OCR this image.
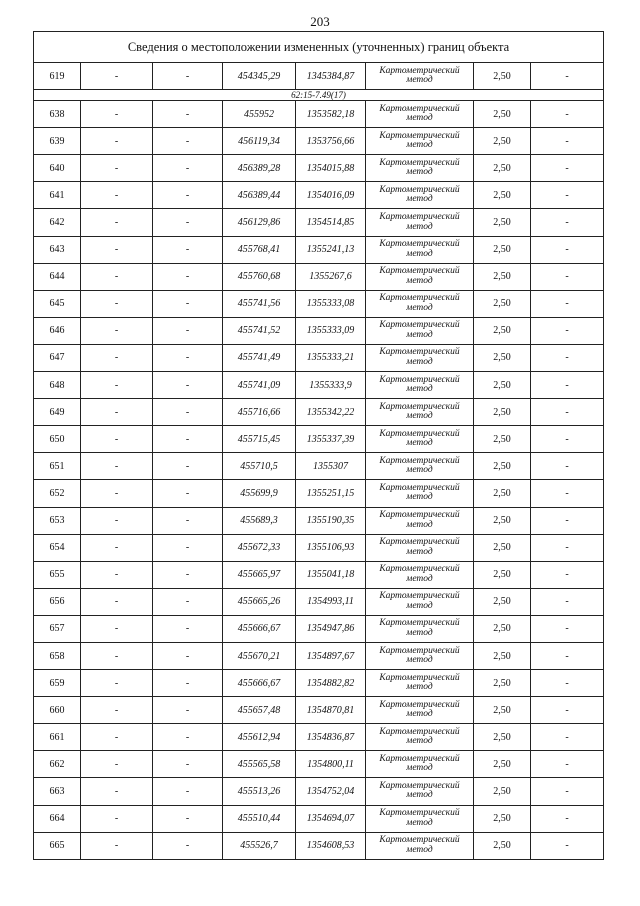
203
Сведения о местоположении измененных (уточненных) границ объекта							
619	-	-	454345,29	1345384,87	Картометрический
метод	2,50	-
62:15-7.49(17)							
638	-	-	455952	1353582,18	Картометрический
метод	2,50	-
639	-	-	456119,34	1353756,66	Картометрический
метод	2,50	-
640	-	-	456389,28	1354015,88	Картометрический
метод	2,50	-
641	-	-	456389,44	1354016,09	Картометрический
метод	2,50	-
642	-	-	456129,86	1354514,85	Картометрический
метод	2,50	-
643	-	-	455768,41	1355241,13	Картометрический
метод	2,50	-
644	-	-	455760,68	1355267,6	Картометрический
метод	2,50	-
645	-	-	455741,56	1355333,08	Картометрический
метод	2,50	-
646	-	-	455741,52	1355333,09	Картометрический
метод	2,50	-
647	-	-	455741,49	1355333,21	Картометрический
метод	2,50	-
648	-	-	455741,09	1355333,9	Картометрический
метод	2,50	-
649	-	-	455716,66	1355342,22	Картометрический
метод	2,50	-
650	-	-	455715,45	1355337,39	Картометрический
метод	2,50	-
651	-	-	455710,5	1355307	Картометрический
метод	2,50	-
652	-	-	455699,9	1355251,15	Картометрический
метод	2,50	-
653	-	-	455689,3	1355190,35	Картометрический
метод	2,50	-
654	-	-	455672,33	1355106,93	Картометрический
метод	2,50	-
655	-	-	455665,97	1355041,18	Картометрический
метод	2,50	-
656	-	-	455665,26	1354993,11	Картометрический
метод	2,50	-
657	-	-	455666,67	1354947,86	Картометрический
метод	2,50	-
658	-	-	455670,21	1354897,67	Картометрический
метод	2,50	-
659	-	-	455666,67	1354882,82	Картометрический
метод	2,50	-
660	-	-	455657,48	1354870,81	Картометрический
метод	2,50	-
661	-	-	455612,94	1354836,87	Картометрический
метод	2,50	-
662	-	-	455565,58	1354800,11	Картометрический
метод	2,50	-
663	-	-	455513,26	1354752,04	Картометрический
метод	2,50	-
664	-	-	455510,44	1354694,07	Картометрический
метод	2,50	-
665	-	-	455526,7	1354608,53	Картометрический
метод	2,50	-
